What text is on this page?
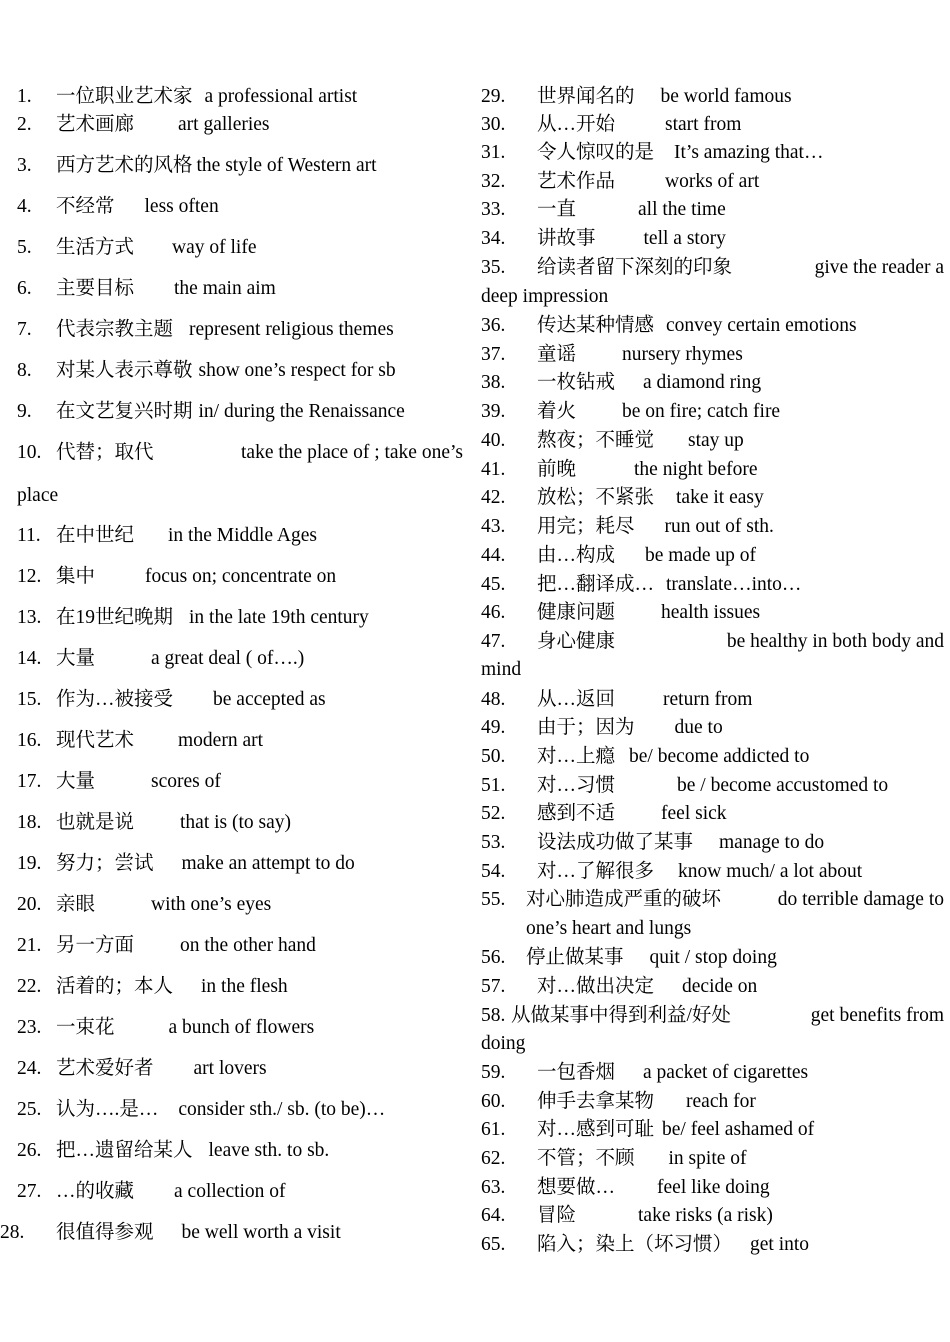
1. 一位职业艺术家 a professional artist
2. 艺术画廊 art galleries
3. 西方艺术的风格 the style of Western art
4. 不经常 less often
5. 生活方式 way of life
6. 主要目标 the main aim
7. 代表宗教主题 represent religious themes
8. 对某人表示尊敬 show one’s respect for sb
9. 在文艺复兴时期 in/ during the Renaissance
10. 代替；取代	take the place of ; take one’s
place
11. 在中世纪 in the Middle Ages
12. 集中	focus on; concentrate on
13. 在19世纪晚期 in the late 19th century
14. 大量	a great deal ( of….)
15. 作为…被接受 be accepted as
16. 现代艺术 modern art
17. 大量	scores of
18. 也就是说 that is (to say)
19. 努力；尝试 make an attempt to do
20. 亲眼	with one’s eyes
21. 另一方面 on the other hand
22. 活着的；本人 in the flesh
23. 一束花	a bunch of flowers
24. 艺术爱好者 art lovers
25. 认为….是… consider sth./ sb. (to be)…
26. 把…遗留给某人 leave sth. to sb.
27. …的收藏 a collection of
28. 很值得参观 be well worth a visit
29. 世界闻名的 be world famous
30. 从…开始	start from
31. 令人惊叹的是 It’s amazing that…
32. 艺术作品	works of art
33. 一直	all the time
34. 讲故事 tell a story
35. 给读者留下深刻的印象	give the reader a
deep impression
36. 传达某种情感 convey certain emotions
37. 童谣 nursery rhymes
38. 一枚钻戒 a diamond ring
39. 着火 be on fire; catch fire
40. 熬夜；不睡觉 stay up
41. 前晚	the night before
42. 放松；不紧张 take it easy
43. 用完；耗尽 run out of sth.
44. 由…构成 be made up of
45. 把…翻译成… translate…into…
46. 健康问题 health issues
47. 身心健康	be healthy in both body and
mind
48. 从…返回 return from
49. 由于；因为 due to
50. 对…上瘾 be/ become addicted to
51. 对…习惯	be / become accustomed to
52. 感到不适 feel sick
53. 设法成功做了某事 manage to do
54. 对…了解很多 know much/ a lot about
55. 对心肺造成严重的破坏	do terrible damage to
one’s heart and lungs
56. 停止做某事 quit / stop doing
57. 对…做出决定 decide on
58. 从做某事中得到利益/好处	get benefits from
doing
59. 一包香烟 a packet of cigarettes
60. 伸手去拿某物 reach for
61. 对…感到可耻 be/ feel ashamed of
62. 不管；不顾 in spite of
63. 想要做… feel like doing
64. 冒险	take risks (a risk)
65. 陷入；染上（坏习惯） get into
